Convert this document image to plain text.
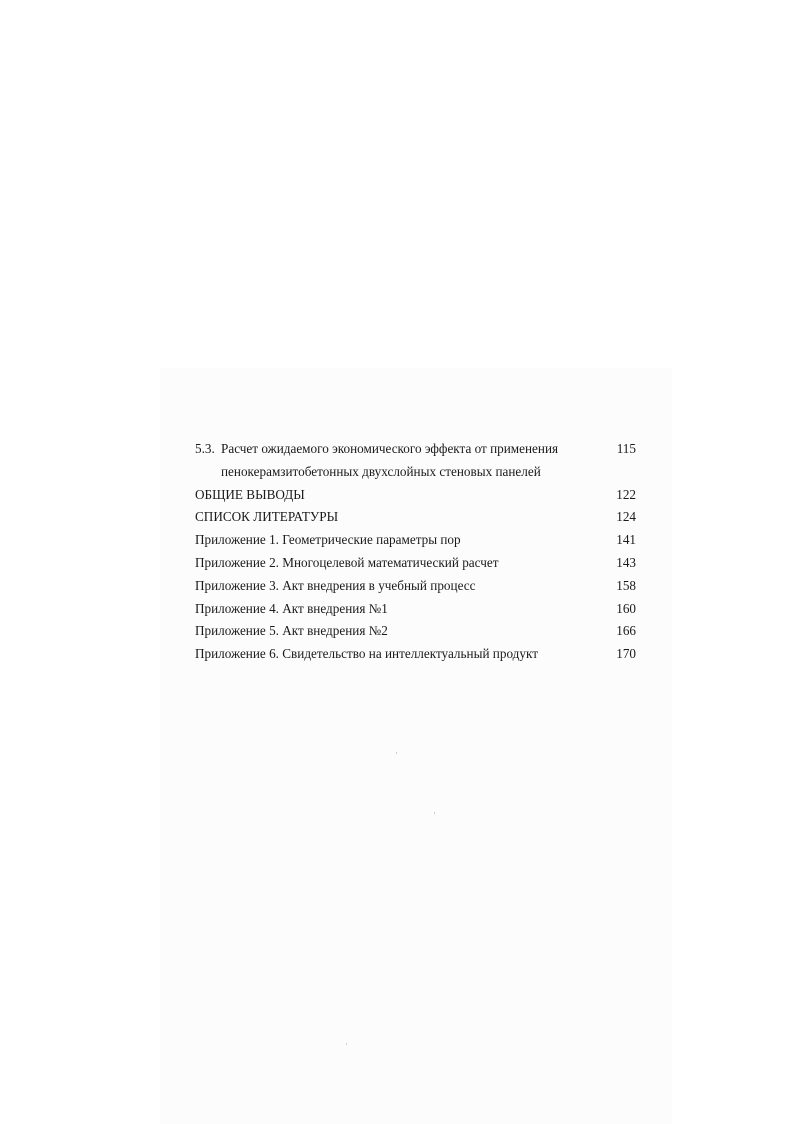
5.3. Расчет ожидаемого экономического эффекта от применения	115
пенокерамзитобетонных двухслойных стеновых панелей
ОБЩИЕ ВЫВОДЫ	122
СПИСОК ЛИТЕРАТУРЫ	124
Приложение 1. Геометрические параметры пор	141
Приложение 2. Многоцелевой математический расчет	143
Приложение 3. Акт внедрения в учебный процесс	158
Приложение 4. Акт внедрения №1	160
Приложение 5. Акт внедрения №2	166
Приложение 6. Свидетельство на интеллектуальный продукт	170
